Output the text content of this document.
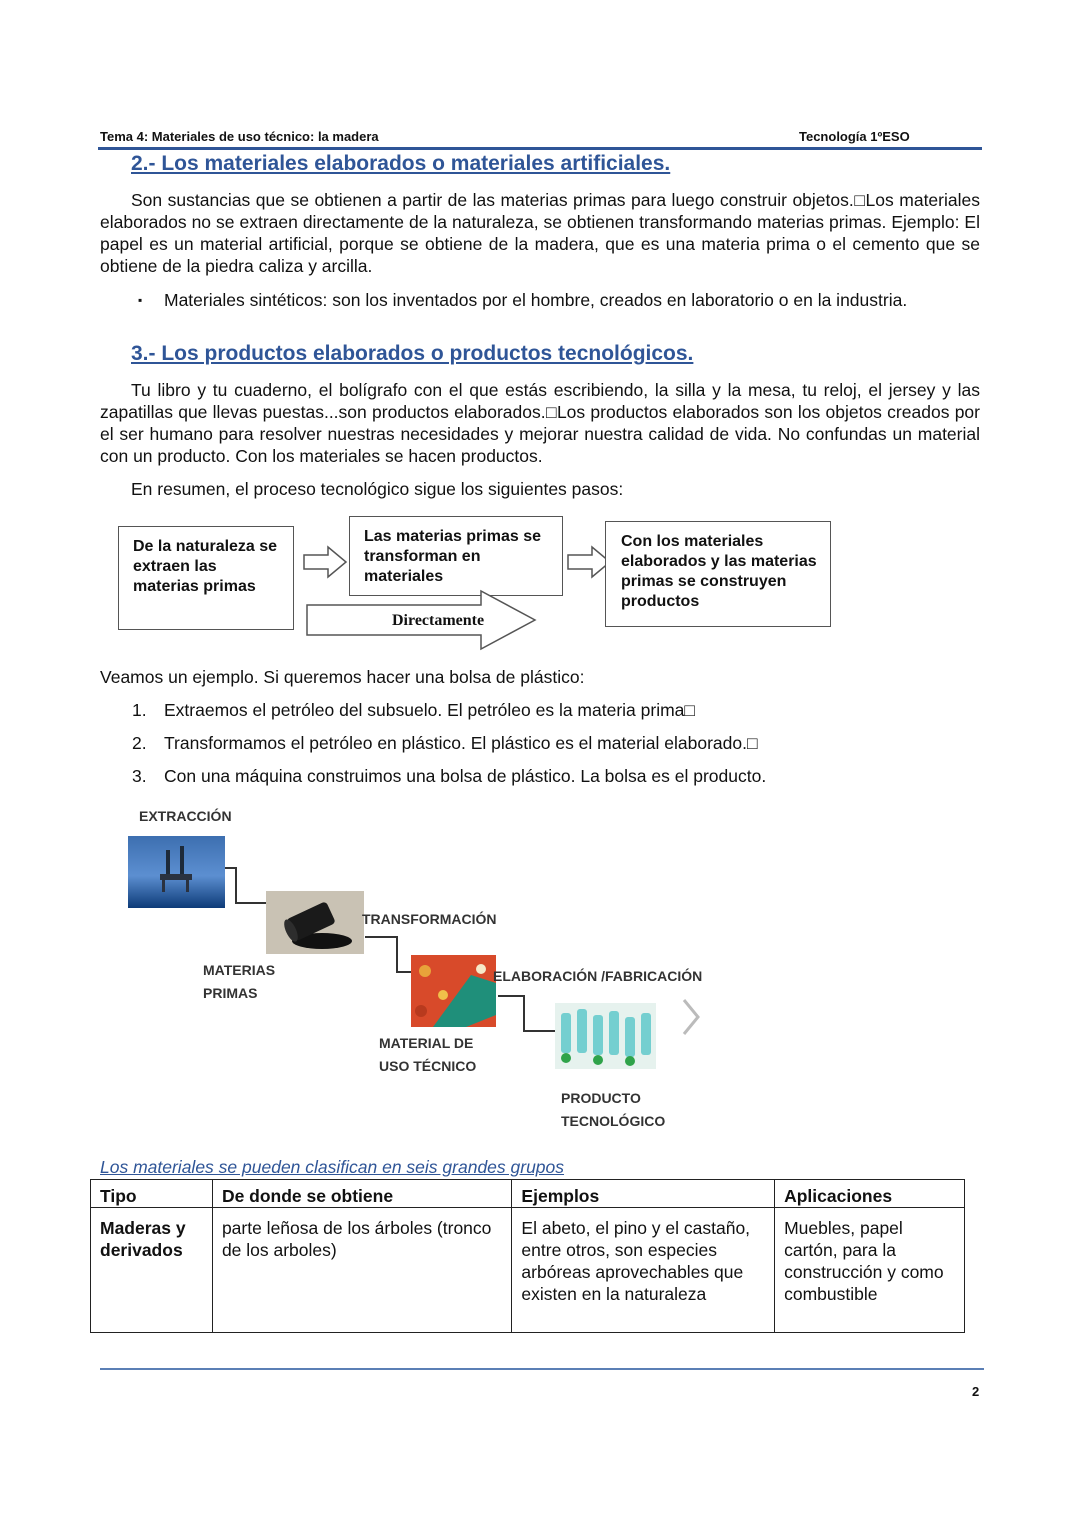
Tema 4: Materiales de uso técnico: la madera	Tecnología 1ºESO
2.- Los materiales elaborados o materiales artificiales.
Son sustancias que se obtienen a partir de las materias primas para luego construir objetos.□Los materiales elaborados no se extraen directamente de la naturaleza, se obtienen transformando materias primas. Ejemplo: El papel es un material artificial, porque se obtiene de la madera, que es una materia prima o el cemento que se obtiene de la piedra caliza y arcilla.
▪ Materiales sintéticos: son los inventados por el hombre, creados en laboratorio o en la industria.
3.- Los productos elaborados o productos tecnológicos.
Tu libro y tu cuaderno, el bolígrafo con el que estás escribiendo, la silla y la mesa, tu reloj, el jersey y las zapatillas que llevas puestas...son productos elaborados.□Los productos elaborados son los objetos creados por el ser humano para resolver nuestras necesidades y mejorar nuestra calidad de vida. No confundas un material con un producto. Con los materiales se hacen productos.
En resumen, el proceso tecnológico sigue los siguientes pasos:
De la naturaleza se extraen las materias primas
Las materias primas se transforman en materiales
Con los materiales elaborados y las materias primas se construyen productos
Directamente
Veamos un ejemplo. Si queremos hacer una bolsa de plástico:
1. Extraemos el petróleo del subsuelo. El petróleo es la materia prima□
2. Transformamos el petróleo en plástico. El plástico es el material elaborado.□
3. Con una máquina construimos una bolsa de plástico. La bolsa es el producto.
EXTRACCIÓN
MATERIAS
PRIMAS
TRANSFORMACIÓN
MATERIAL DE
USO TÉCNICO
ELABORACIÓN /FABRICACIÓN
PRODUCTO
TECNOLÓGICO
Los materiales se pueden clasifican en seis grandes grupos
Tipo	De donde se obtiene	Ejemplos	Aplicaciones
Maderas y derivados	parte leñosa de los árboles (tronco de los arboles)	El abeto, el pino y el castaño, entre otros, son especies arbóreas aprovechables que existen en la naturaleza	Muebles, papel cartón, para la construcción y como combustible
2
